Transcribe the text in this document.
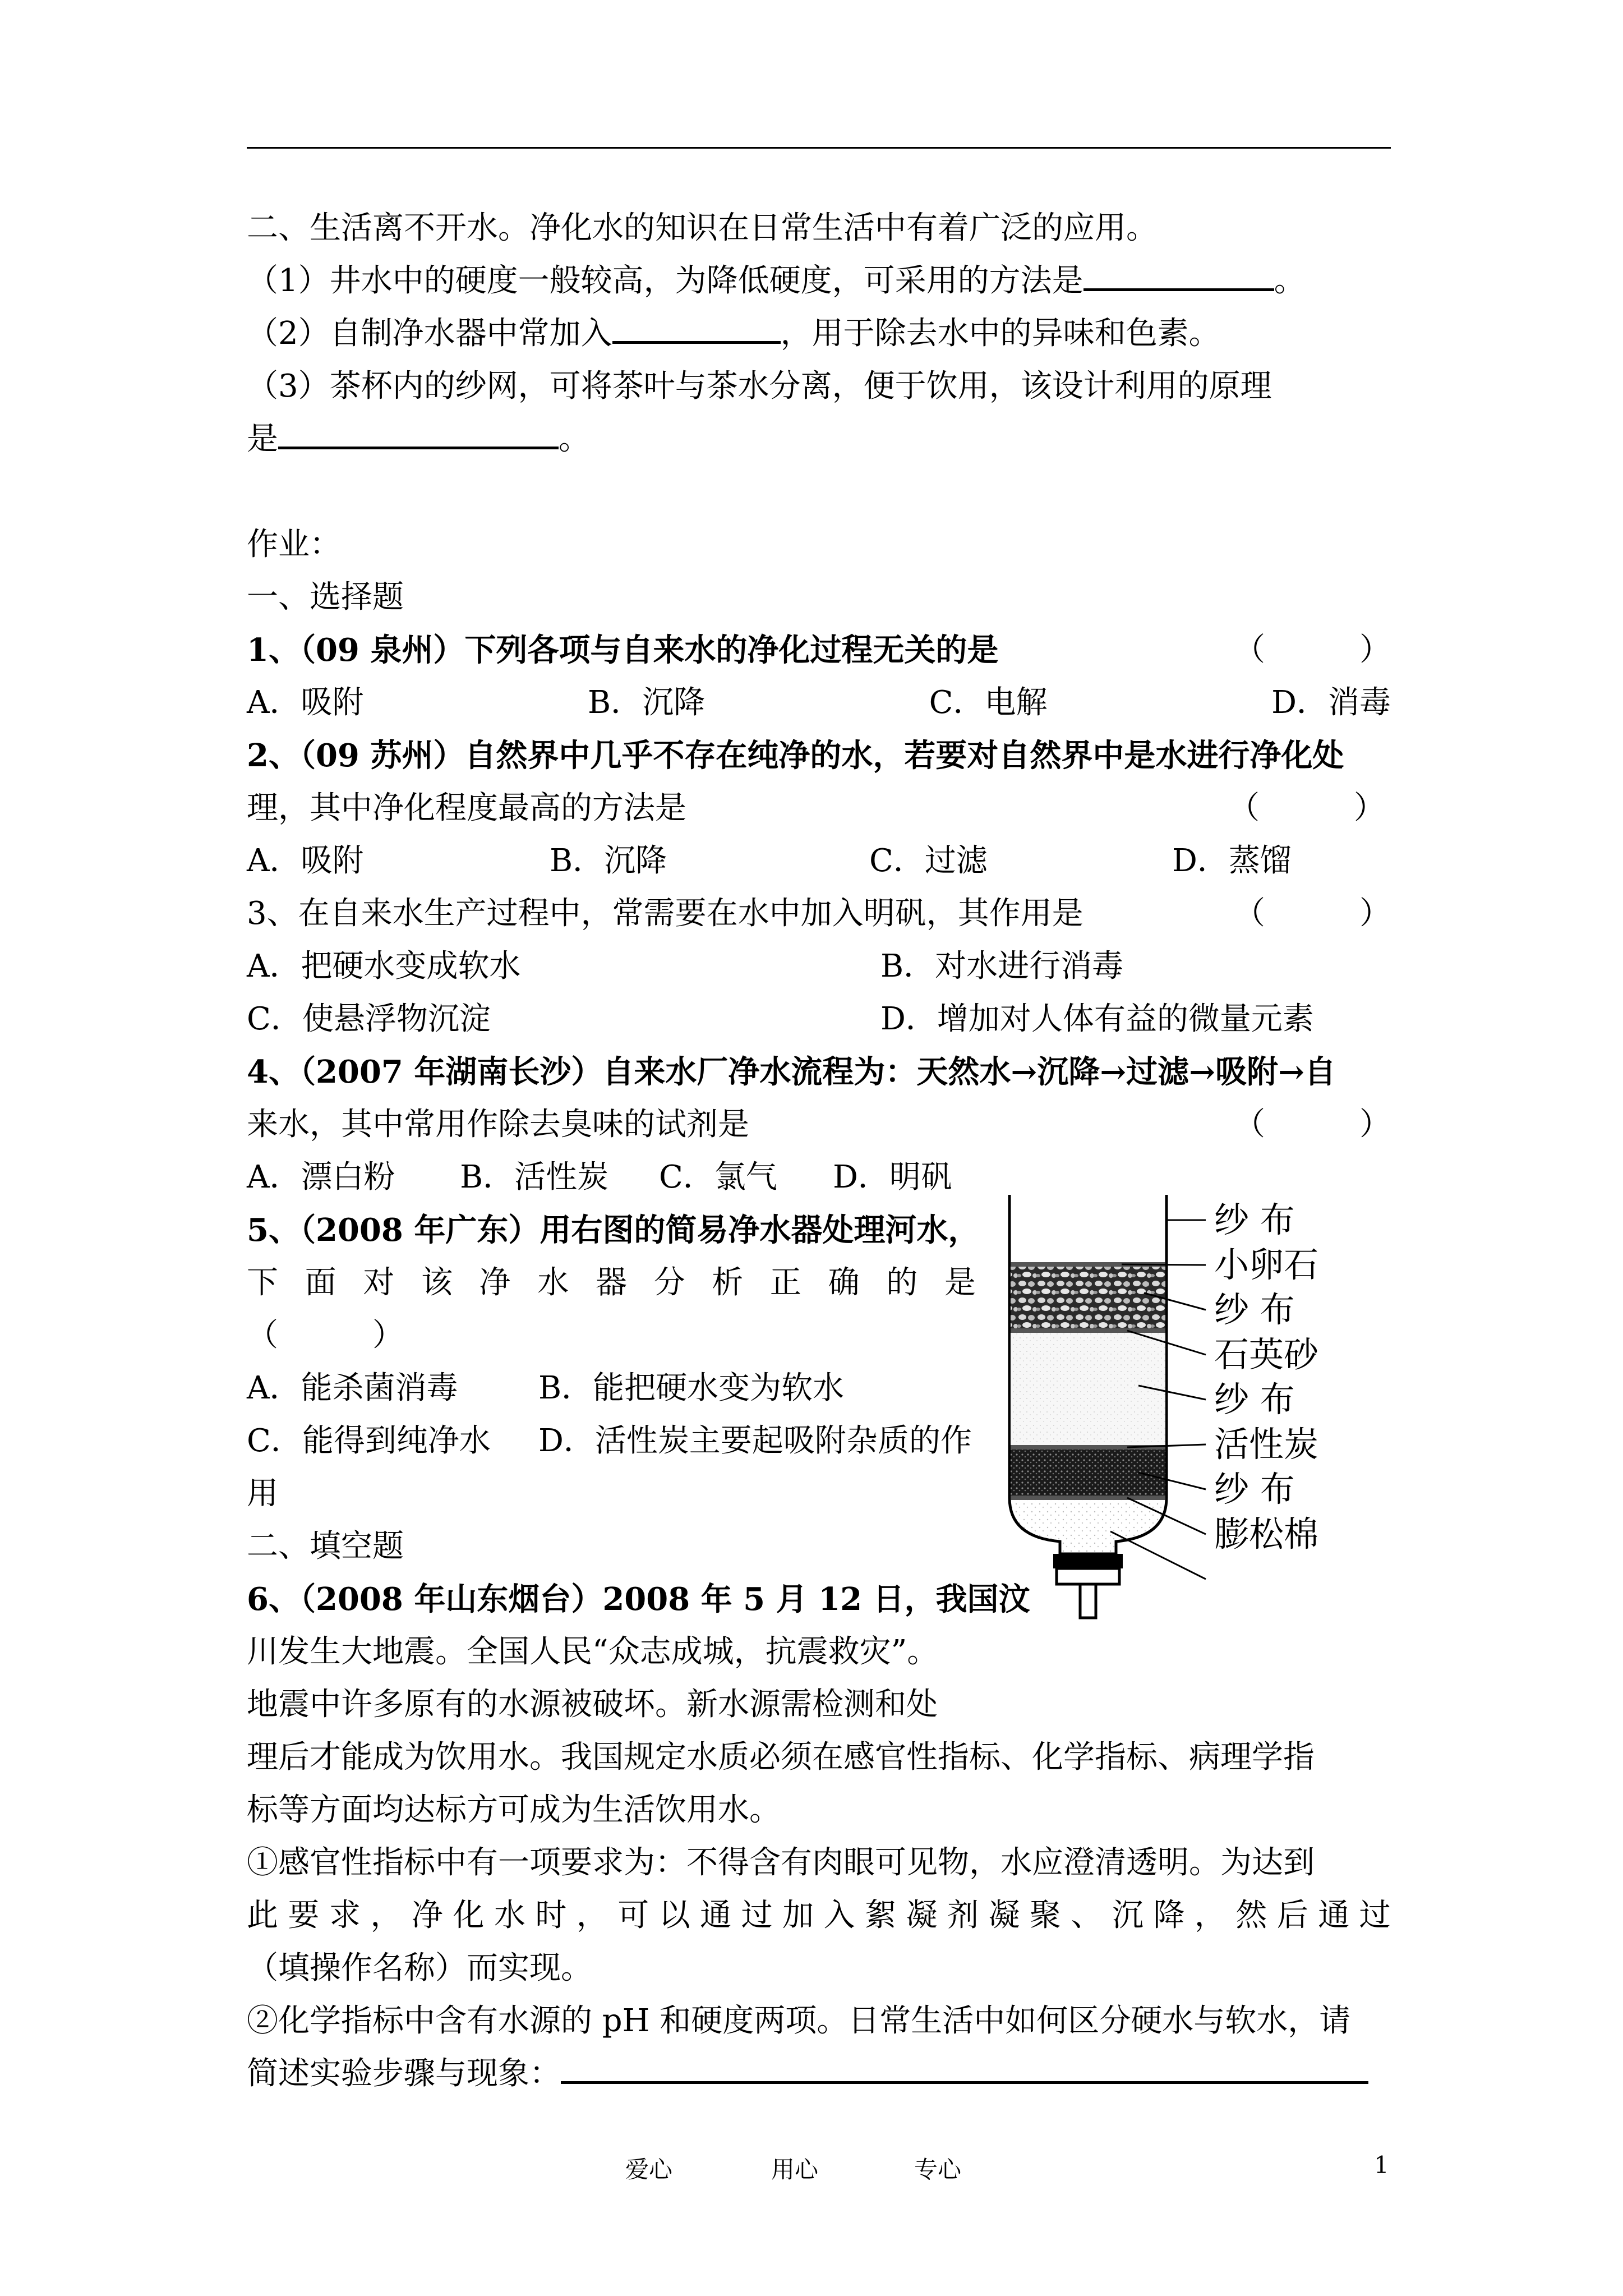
二、生活离不开水。净化水的知识在日常生活中有着广泛的应用。
（1）井水中的硬度一般较高，为降低硬度，可采用的方法是	。
（2）自制净水器中常加入	，用于除去水中的异味和色素。
（3）茶杯内的纱网，可将茶叶与茶水分离，便于饮用，该设计利用的原理
是	。
作业：
一、选择题
1、（09 泉州）下列各项与自来水的净化过程无关的是	（　　　）
A．吸附	B．沉降	C．电解	D．消毒
2、（09 苏州）自然界中几乎不存在纯净的水，若要对自然界中是水进行净化处
理，其中净化程度最高的方法是	（　　　）
A．吸附	B．沉降	C．过滤	D．蒸馏
3、在自来水生产过程中，常需要在水中加入明矾，其作用是	（　　　）
A．把硬水变成软水	B．对水进行消毒
C．使悬浮物沉淀	D．增加对人体有益的微量元素
4、（2007 年湖南长沙）自来水厂净水流程为：天然水→沉降→过滤→吸附→自
来水，其中常用作除去臭味的试剂是	（　　　）
A．漂白粉	B．活性炭	C．氯气	D．明矾
5、（2008 年广东）用右图的简易净水器处理河水，
下 面 对 该 净 水 器 分 析 正 确 的 是
（　　　）
A．能杀菌消毒	B．能把硬水变为软水
C．能得到纯净水	D．活性炭主要起吸附杂质的作
用
二、填空题
6、（2008 年山东烟台）2008 年 5 月 12 日，我国汶
川发生大地震。全国人民“众志成城，抗震救灾”。
地震中许多原有的水源被破坏。新水源需检测和处
理后才能成为饮用水。我国规定水质必须在感官性指标、化学指标、病理学指
标等方面均达标方可成为生活饮用水。
①感官性指标中有一项要求为：不得含有肉眼可见物，水应澄清透明。为达到
此 要 求 ， 净 化 水 时 ， 可 以 通 过 加 入 絮 凝 剂 凝 聚 、 沉 降 ， 然 后 通 过
（填操作名称）而实现。
②化学指标中含有水源的 pH 和硬度两项。日常生活中如何区分硬水与软水，请
简述实验步骤与现象：
纱 布
小卵石
纱 布
石英砂
纱 布
活性炭
纱 布
膨松棉
爱心	用心	专心	1
